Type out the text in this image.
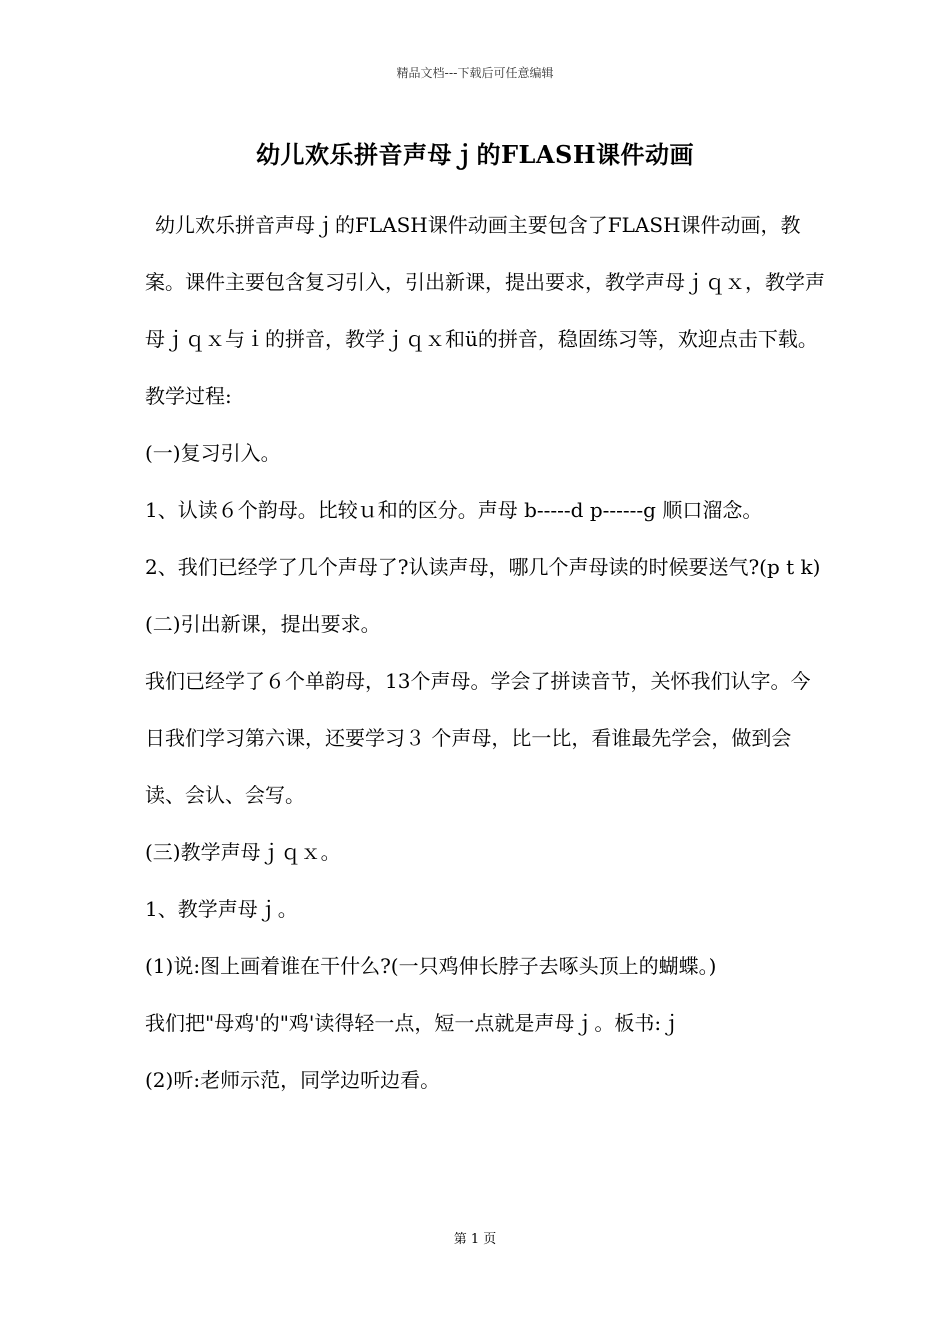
精品文档---下载后可任意编辑
幼儿欢乐拼音声母ｊ的FLASH课件动画

幼儿欢乐拼音声母ｊ的FLASH课件动画主要包含了FLASH课件动画，教案。课件主要包含复习引入，引出新课，提出要求，教学声母ｊｑｘ，教学声母ｊｑｘ与ｉ的拼音，教学ｊｑｘ和ü的拼音，稳固练习等，欢迎点击下载。教学过程:

(一)复习引入。

1、认读６个韵母。比较ｕ和的区分。声母 b-----d p------g 顺口溜念。

2、我们已经学了几个声母了?认读声母，哪几个声母读的时候要送气?(p t k)

(二)引出新课，提出要求。

我们已经学了６个单韵母，13个声母。学会了拼读音节，关怀我们认字。今日我们学习第六课，还要学习３ 个声母，比一比，看谁最先学会，做到会读、会认、会写。

(三)教学声母ｊｑｘ。

1、教学声母ｊ。

(1)说:图上画着谁在干什么?(一只鸡伸长脖子去啄头顶上的蝴蝶。)

我们把"母鸡'的"鸡'读得轻一点，短一点就是声母ｊ。板书:ｊ

(2)听:老师示范，同学边听边看。

第 1 页
